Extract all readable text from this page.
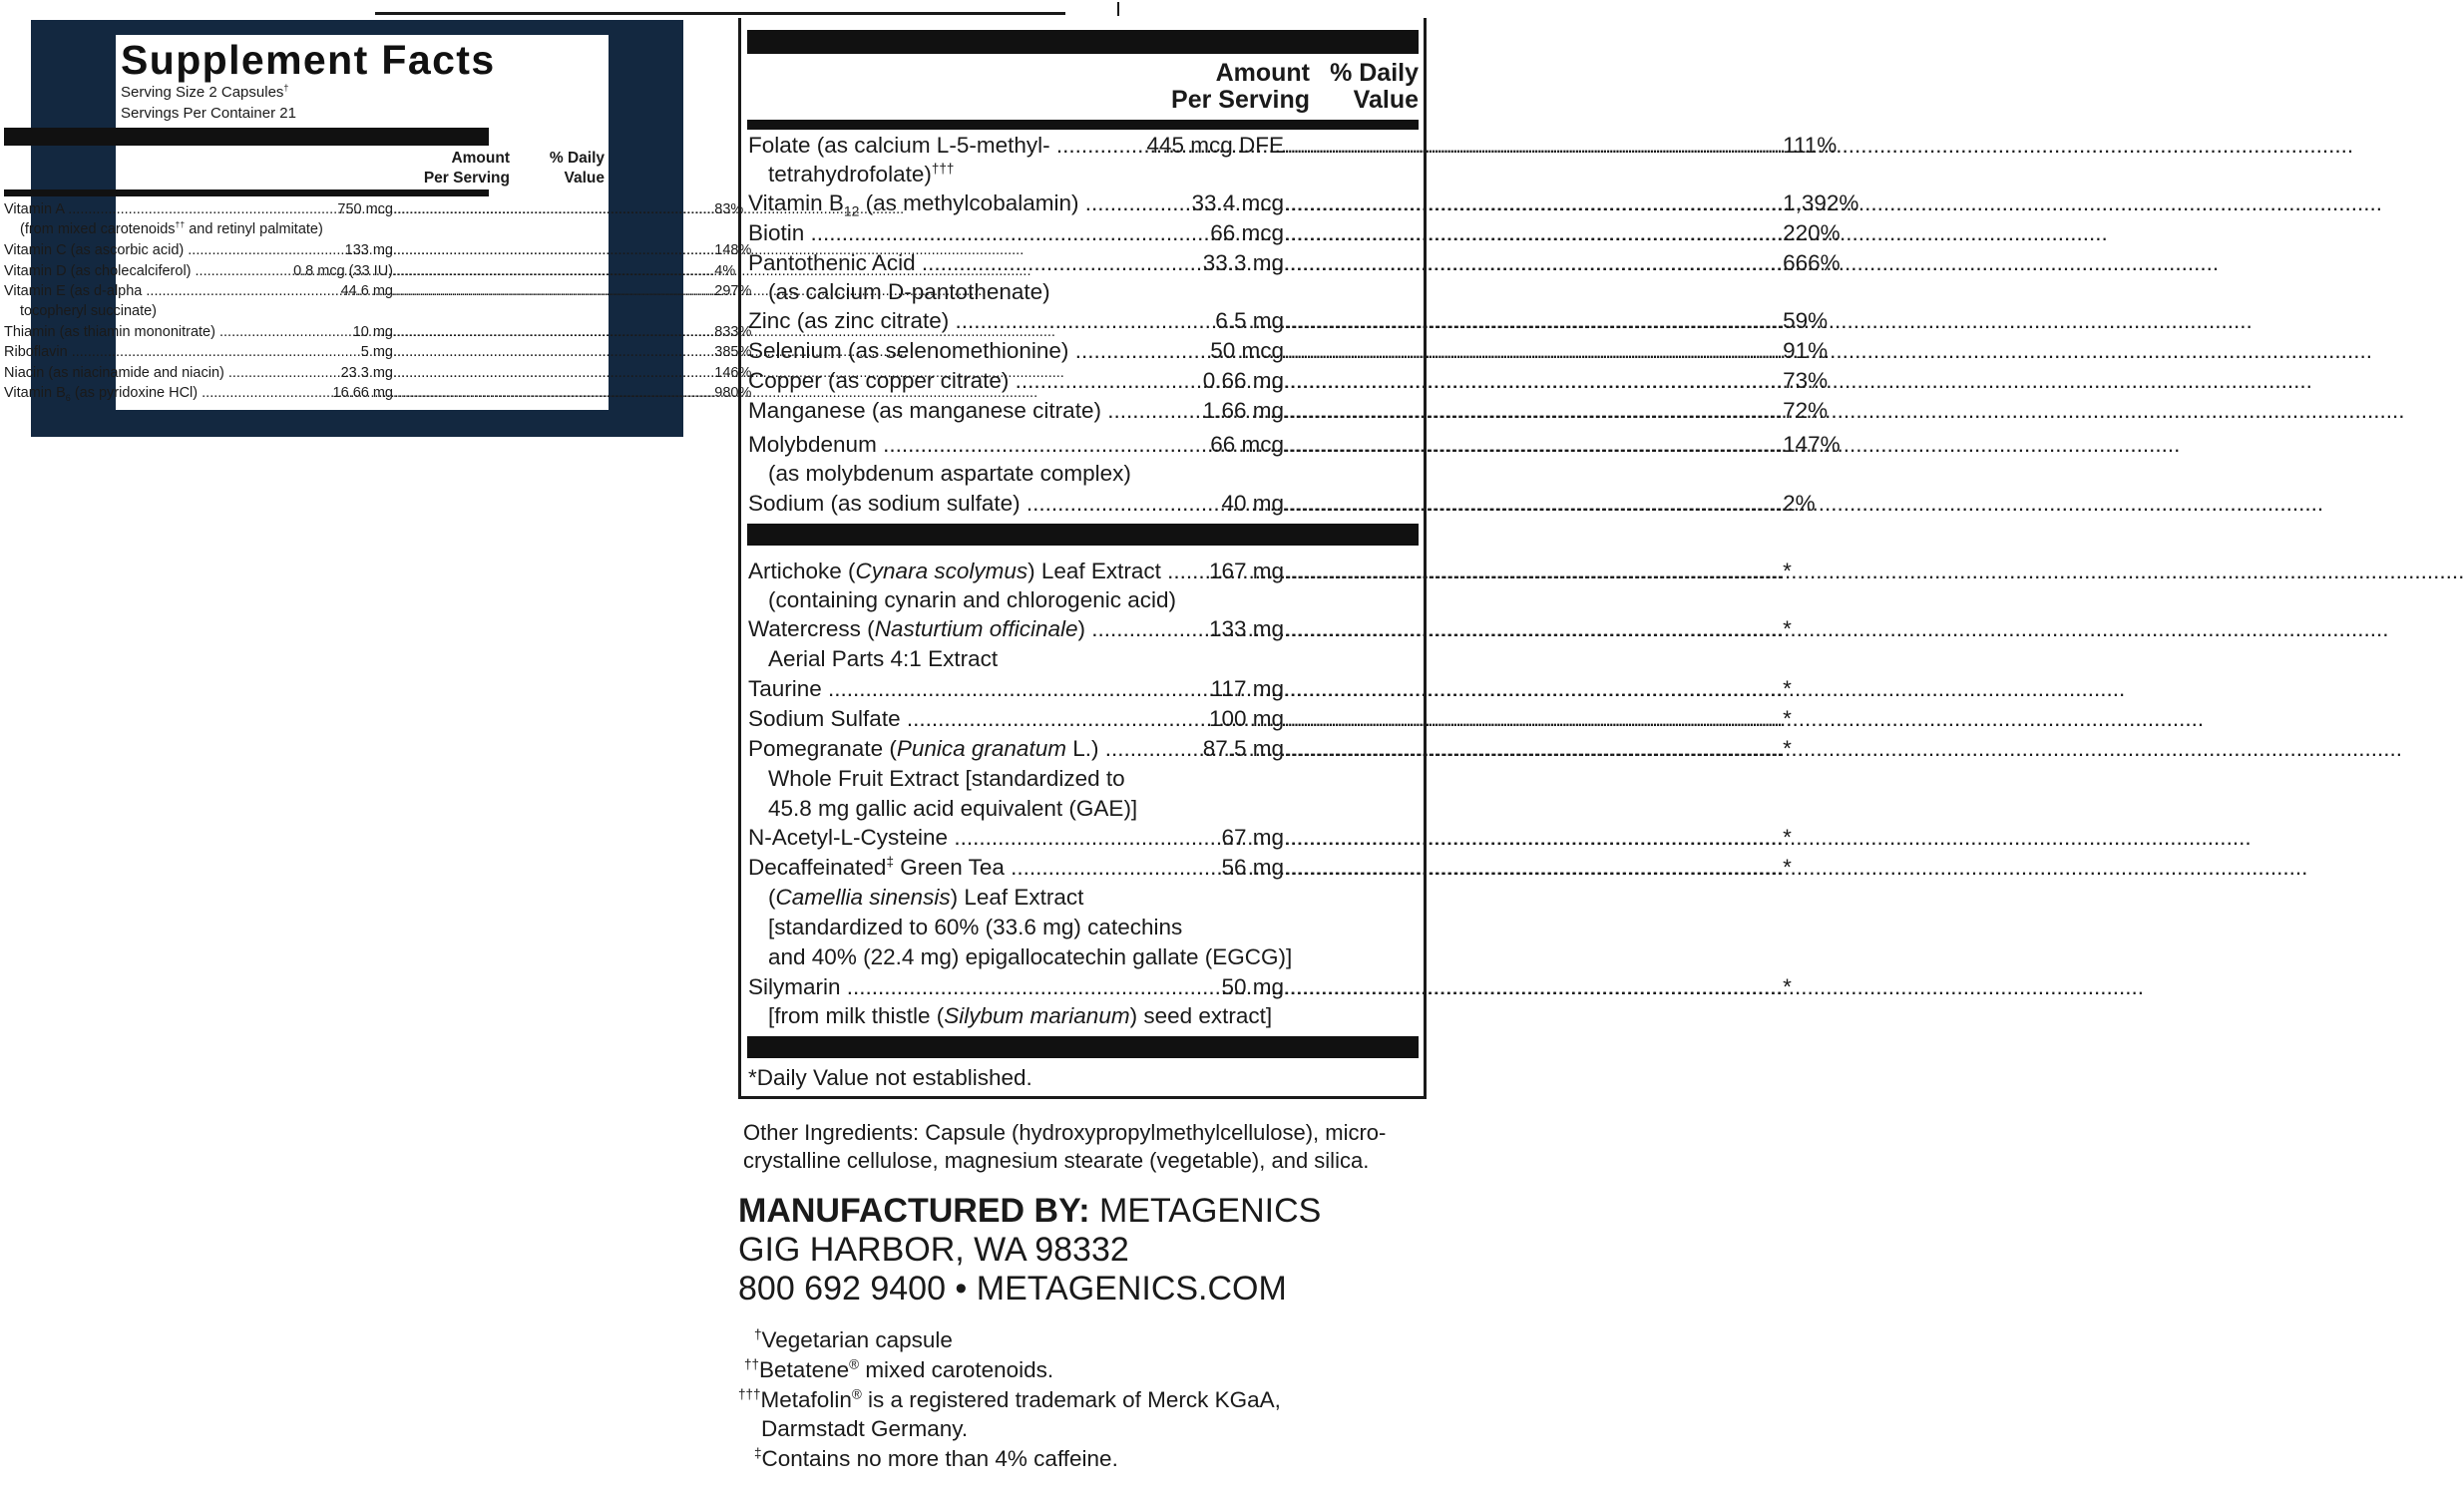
Supplement Facts
Serving Size 2 Capsules†
Servings Per Container 21
Amount
Per Serving
% Daily
Value
Vitamin A .....	750 mcg	..... 83%
(from mixed carotenoids†† and retinyl palmitate)
Vitamin C (as ascorbic acid) .....	133 mg	..... 148%
Vitamin D (as cholecalciferol) .....	0.8 mcg (33 IU)	..... 4%
Vitamin E (as d-alpha .....	44.6 mg	..... 297%
tocopheryl succinate)
Thiamin (as thiamin mononitrate) .....	10 mg	..... 833%
Riboflavin .....	5 mg	..... 385%
Niacin (as niacinamide and niacin) .....	23.3 mg	..... 146%
Vitamin $B_6$ (as pyridoxine HCl) .....	16.66 mg	..... 980%
Amount
Per Serving
% Daily
Value
Folate (as calcium L-5-methyl- .....	445 mcg DFE	..... 111%
tetrahydrofolate)†††
Vitamin $B_{12}$ (as methylcobalamin) .....	33.4 mcg	..... 1,392%
Biotin .....	66 mcg	..... 220%
Pantothenic Acid .....	33.3 mg	..... 666%
(as calcium D-pantothenate)
Zinc (as zinc citrate) .....	6.5 mg	..... 59%
Selenium (as selenomethionine) .....	50 mcg	..... 91%
Copper (as copper citrate) .....	0.66 mg	..... 73%
Manganese (as manganese citrate) .....	1.66 mg	..... 72%
Molybdenum .....	66 mcg	..... 147%
(as molybdenum aspartate complex)
Sodium (as sodium sulfate) .....	40 mg	..... 2%
Artichoke (Cynara scolymus) Leaf Extract .....	167 mg	..... *
(containing cynarin and chlorogenic acid)
Watercress (Nasturtium officinale) .....	133 mg	..... *
Aerial Parts 4:1 Extract
Taurine .....	117 mg	..... *
Sodium Sulfate .....	100 mg	..... *
Pomegranate (Punica granatum L.) .....	87.5 mg	..... *
Whole Fruit Extract [standardized to
45.8 mg gallic acid equivalent (GAE)]
N-Acetyl-L-Cysteine .....	67 mg	..... *
Decaffeinated‡ Green Tea .....	56 mg	..... *
(Camellia sinensis) Leaf Extract
[standardized to 60% (33.6 mg) catechins
and 40% (22.4 mg) epigallocatechin gallate (EGCG)]
Silymarin .....	50 mg	..... *
[from milk thistle (Silybum marianum) seed extract]
*Daily Value not established.
Other Ingredients: Capsule (hydroxypropylmethylcellulose), micro-
crystalline cellulose, magnesium stearate (vegetable), and silica.
MANUFACTURED BY: METAGENICS
GIG HARBOR, WA 98332
800 692 9400 • METAGENICS.COM
†Vegetarian capsule
††Betatene® mixed carotenoids.
†††Metafolin® is a registered trademark of Merck KGaA,
Darmstadt Germany.
‡Contains no more than 4% caffeine.
